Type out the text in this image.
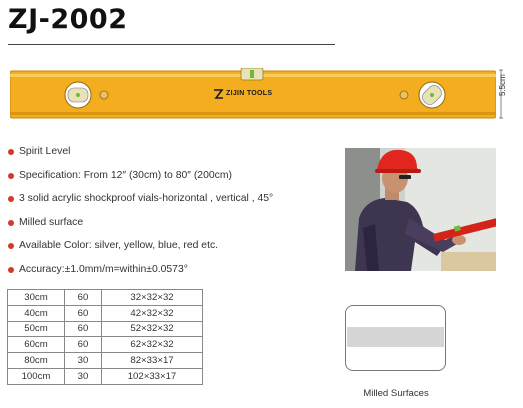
ZJ-2002
ZIJIN TOOLS	5.5cm
Spirit Level
Specification: From 12″ (30cm) to 80″ (200cm)
3 solid acrylic shockproof vials-horizontal , vertical , 45°
Milled surface
Available Color: silver, yellow, blue, red etc.
Accuracy:±1.0mm/m=within±0.0573°
30cm	60	32×32×32
40cm	60	42×32×32
50cm	60	52×32×32
60cm	60	62×32×32
80cm	30	82×33×17
100cm	30	102×33×17
Milled Surfaces
